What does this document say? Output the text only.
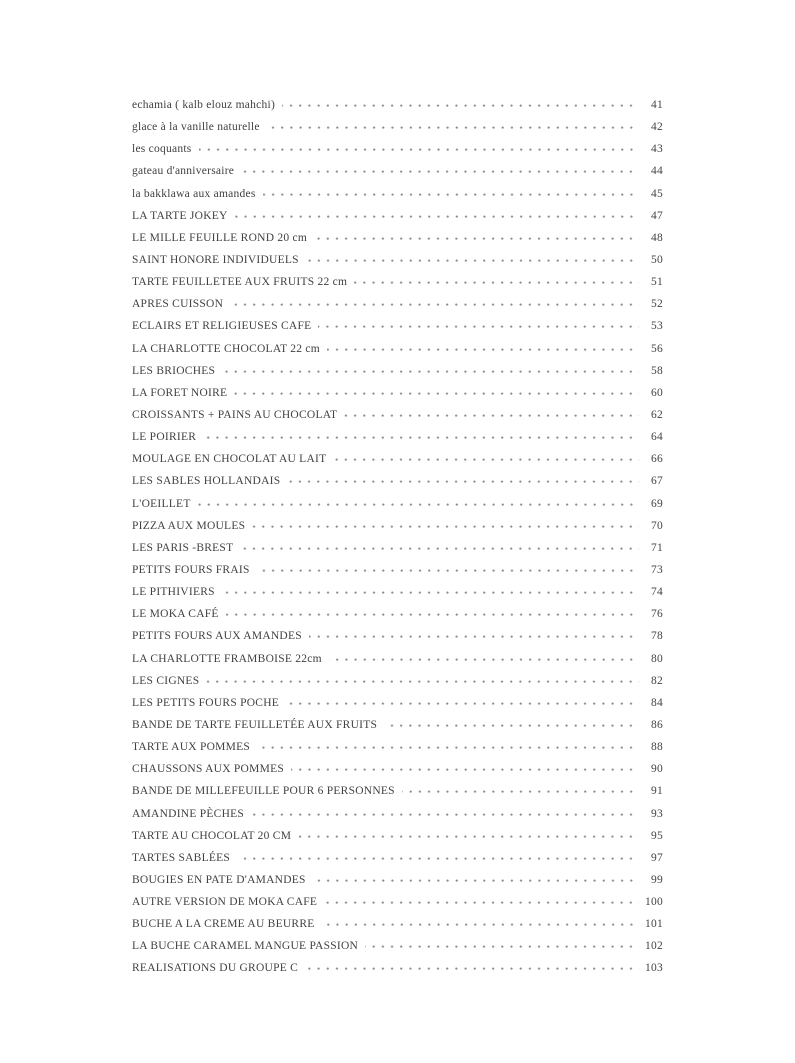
echamia ( kalb elouz mahchi)	41
glace à la vanille naturelle	42
les coquants	43
gateau d'anniversaire	44
la bakklawa aux amandes	45
LA TARTE JOKEY	47
LE MILLE FEUILLE ROND 20 cm	48
SAINT HONORE INDIVIDUELS	50
TARTE FEUILLETEE AUX FRUITS 22 cm	51
APRES CUISSON	52
ECLAIRS ET RELIGIEUSES CAFE	53
LA CHARLOTTE CHOCOLAT 22 cm	56
LES BRIOCHES	58
LA FORET NOIRE	60
CROISSANTS + PAINS AU CHOCOLAT	62
LE POIRIER	64
MOULAGE EN CHOCOLAT AU LAIT	66
LES SABLES HOLLANDAIS	67
L'OEILLET	69
PIZZA AUX MOULES	70
LES PARIS -BREST	71
PETITS FOURS FRAIS	73
LE PITHIVIERS	74
LE MOKA CAFÉ	76
PETITS FOURS AUX AMANDES	78
LA CHARLOTTE FRAMBOISE 22cm	80
LES CIGNES	82
LES PETITS FOURS POCHE	84
BANDE DE TARTE FEUILLETÉE AUX FRUITS	86
TARTE AUX POMMES	88
CHAUSSONS AUX POMMES	90
BANDE DE MILLEFEUILLE POUR 6 PERSONNES	91
AMANDINE PÈCHES	93
TARTE AU CHOCOLAT 20 CM	95
TARTES SABLÉES	97
BOUGIES EN PATE D'AMANDES	99
AUTRE VERSION DE MOKA CAFE	100
BUCHE A LA CREME AU BEURRE	101
LA BUCHE CARAMEL MANGUE PASSION	102
REALISATIONS DU GROUPE C	103
